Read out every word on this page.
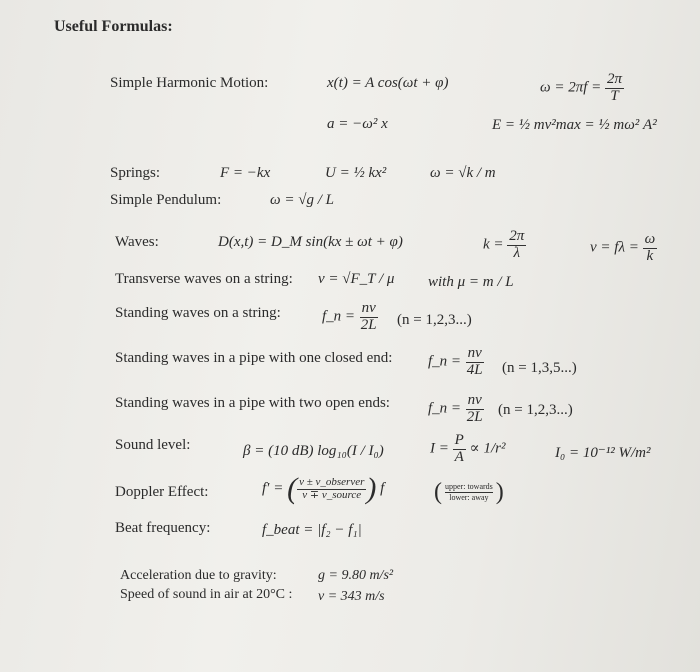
Useful Formulas:
Simple Harmonic Motion:	x(t) = A cos(ωt + φ)	$\omega = 2\pi f = \frac{2\pi}{T}$
a = −ω² x	E = ½ mv²max = ½ mω² A²
Springs:	F = −kx	U = ½ kx²	ω = √k / m
Simple Pendulum:	ω = √g / L
Waves:	D(x,t) = D_M sin(kx ± ωt + φ)	$k = \frac{2\pi}{\lambda}$	$v = f\lambda = \frac{\omega}{k}$
Transverse waves on a string: v = √F_T / μ with μ = m / L
Standing waves on a string:	f_n = $\frac{nv}{2L} (n = 1,2,3...)$
Standing waves in a pipe with one closed end: f_n = $\frac{nv}{4L} (n = 1,3,5...)$
Standing waves in a pipe with two open ends:	f_n = $\frac{nv}{2L} (n = 1,2,3...)$
Sound level:	β = (10 dB) log₁₀(I / I₀)	$I = \frac{P}{A} \propto 1/r^2$	I₀ = 10⁻¹² W/m²
Doppler Effect:	f′ = ( $\frac{\text{v ± v\_observer}}{\text{v ∓ v\_source}}$ ) f ( upper: towards
lower: away )
Beat frequency:	f_beat = |f₂ − f₁|
Acceleration due to gravity:	g = 9.80 m/s²
Speed of sound in air at 20°C : v = 343 m/s
